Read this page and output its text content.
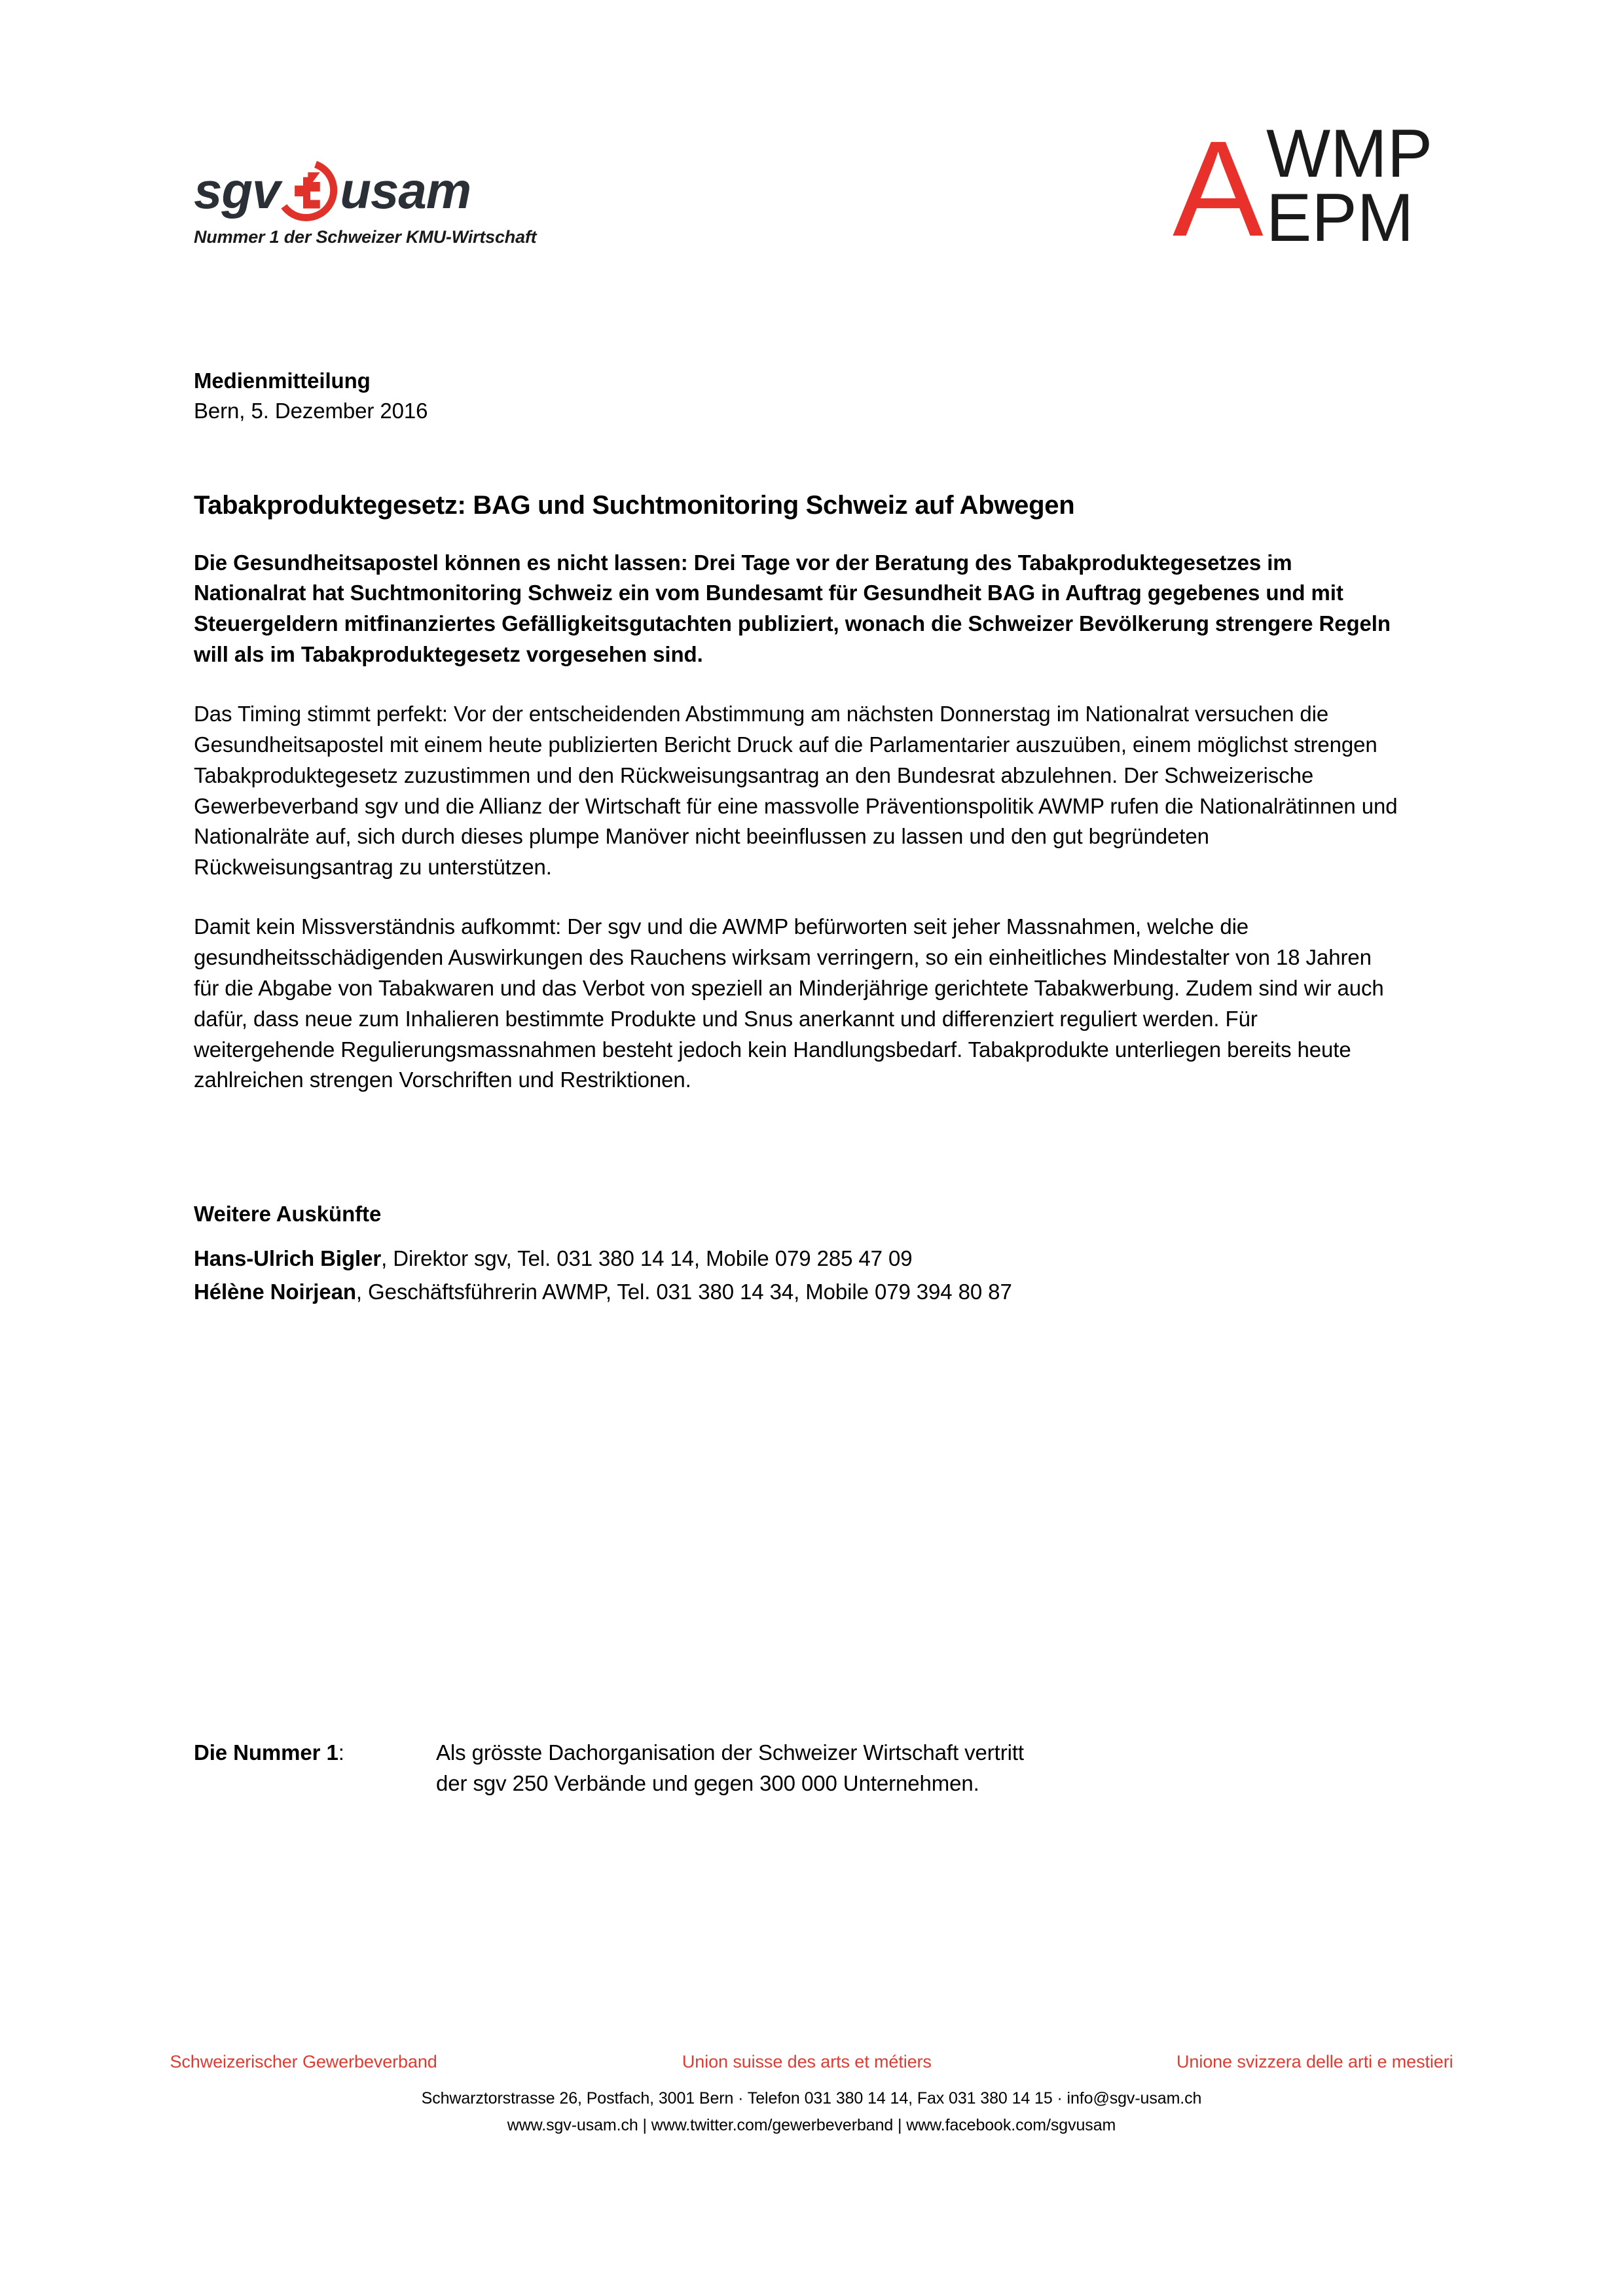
sgv usam
Nummer 1 der Schweizer KMU-Wirtschaft	A WMP
EPM

Medienmitteilung

Bern, 5. Dezember 2016

Tabakproduktegesetz: BAG und Suchtmonitoring Schweiz auf Abwegen

Die Gesundheitsapostel können es nicht lassen: Drei Tage vor der Beratung des Tabakproduktegesetzes im Nationalrat hat Suchtmonitoring Schweiz ein vom Bundesamt für Gesundheit BAG in Auftrag gegebenes und mit Steuergeldern mitfinanziertes Gefälligkeitsgutachten publiziert, wonach die Schweizer Bevölkerung strengere Regeln will als im Tabakproduktegesetz vorgesehen sind.

Das Timing stimmt perfekt: Vor der entscheidenden Abstimmung am nächsten Donnerstag im Nationalrat versuchen die Gesundheitsapostel mit einem heute publizierten Bericht Druck auf die Parlamentarier auszuüben, einem möglichst strengen Tabakproduktegesetz zuzustimmen und den Rückweisungsantrag an den Bundesrat abzulehnen. Der Schweizerische Gewerbeverband sgv und die Allianz der Wirtschaft für eine massvolle Präventionspolitik AWMP rufen die Nationalrätinnen und Nationalräte auf, sich durch dieses plumpe Manöver nicht beeinflussen zu lassen und den gut begründeten Rückweisungsantrag zu unterstützen.

Damit kein Missverständnis aufkommt: Der sgv und die AWMP befürworten seit jeher Massnahmen, welche die gesundheitsschädigenden Auswirkungen des Rauchens wirksam verringern, so ein einheitliches Mindestalter von 18 Jahren für die Abgabe von Tabakwaren und das Verbot von speziell an Minderjährige gerichtete Tabakwerbung. Zudem sind wir auch dafür, dass neue zum Inhalieren bestimmte Produkte und Snus anerkannt und differenziert reguliert werden. Für weitergehende Regulierungsmassnahmen besteht jedoch kein Handlungsbedarf. Tabakprodukte unterliegen bereits heute zahlreichen strengen Vorschriften und Restriktionen.

Weitere Auskünfte

Hans-Ulrich Bigler, Direktor sgv, Tel. 031 380 14 14, Mobile 079 285 47 09

Hélène Noirjean, Geschäftsführerin AWMP, Tel. 031 380 14 34, Mobile 079 394 80 87

Die Nummer 1:	Als grösste Dachorganisation der Schweizer Wirtschaft vertritt
der sgv 250 Verbände und gegen 300 000 Unternehmen.
Schweizerischer Gewerbeverband	Union suisse des arts et métiers	Unione svizzera delle arti e mestieri
Schwarztorstrasse 26, Postfach, 3001 Bern · Telefon 031 380 14 14, Fax 031 380 14 15 · info@sgv-usam.ch
www.sgv-usam.ch | www.twitter.com/gewerbeverband | www.facebook.com/sgvusam
